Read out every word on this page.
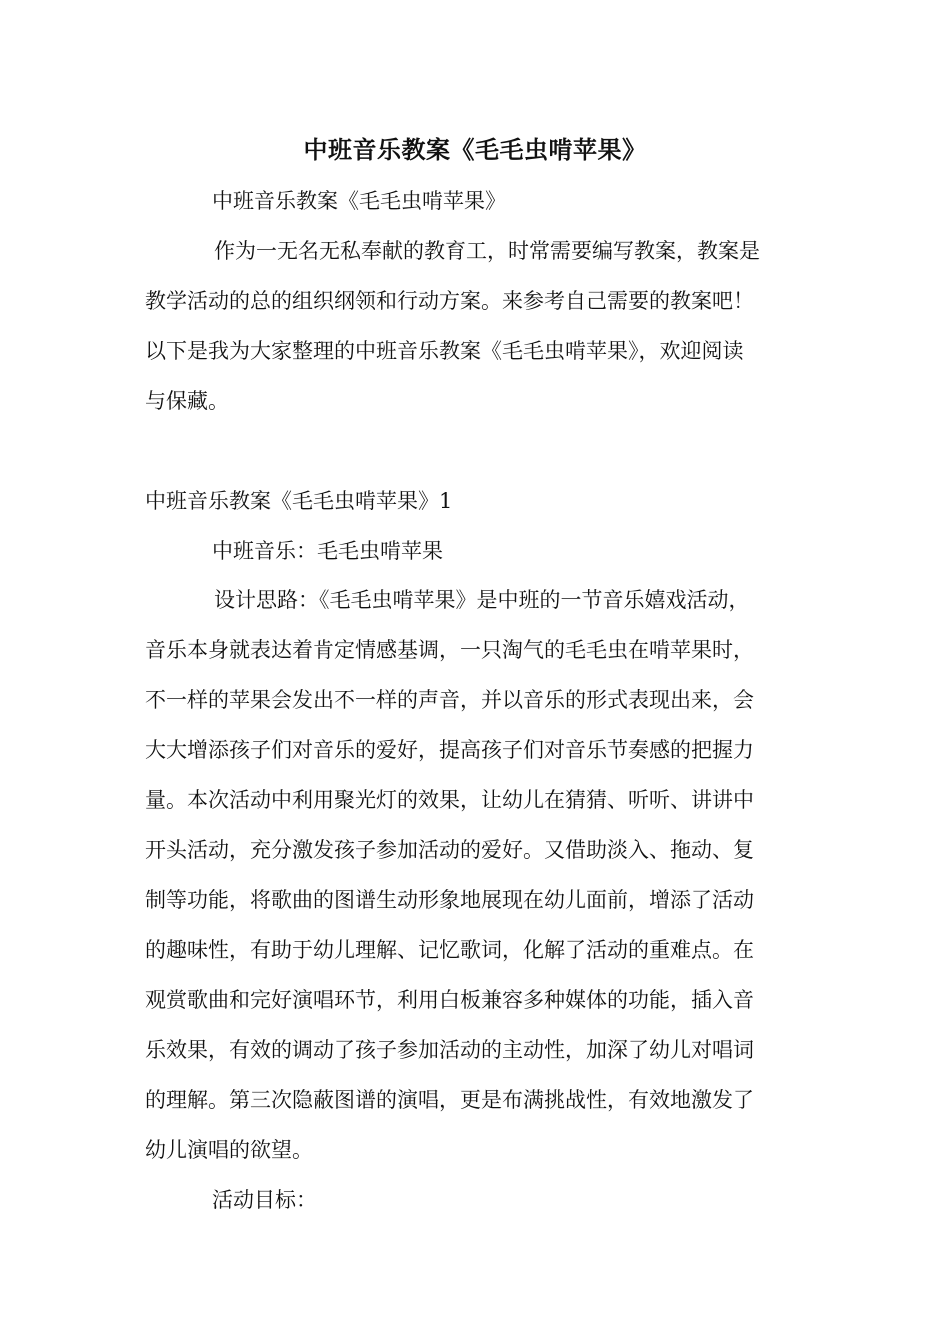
中班音乐教案《毛毛虫啃苹果》
中班音乐教案《毛毛虫啃苹果》
作为一无名无私奉献的教育工，时常需要编写教案，教案是
教学活动的总的组织纲领和行动方案。来参考自己需要的教案吧！
以下是我为大家整理的中班音乐教案《毛毛虫啃苹果》，欢迎阅读
与保藏。
中班音乐教案《毛毛虫啃苹果》1
中班音乐：毛毛虫啃苹果
设计思路：《毛毛虫啃苹果》是中班的一节音乐嬉戏活动，
音乐本身就表达着肯定情感基调，一只淘气的毛毛虫在啃苹果时，
不一样的苹果会发出不一样的声音，并以音乐的形式表现出来，会
大大增添孩子们对音乐的爱好，提高孩子们对音乐节奏感的把握力
量。本次活动中利用聚光灯的效果，让幼儿在猜猜、听听、讲讲中
开头活动，充分激发孩子参加活动的爱好。又借助淡入、拖动、复
制等功能，将歌曲的图谱生动形象地展现在幼儿面前，增添了活动
的趣味性，有助于幼儿理解、记忆歌词，化解了活动的重难点。在
观赏歌曲和完好演唱环节，利用白板兼容多种媒体的功能，插入音
乐效果，有效的调动了孩子参加活动的主动性，加深了幼儿对唱词
的理解。第三次隐蔽图谱的演唱，更是布满挑战性，有效地激发了
幼儿演唱的欲望。
活动目标：
